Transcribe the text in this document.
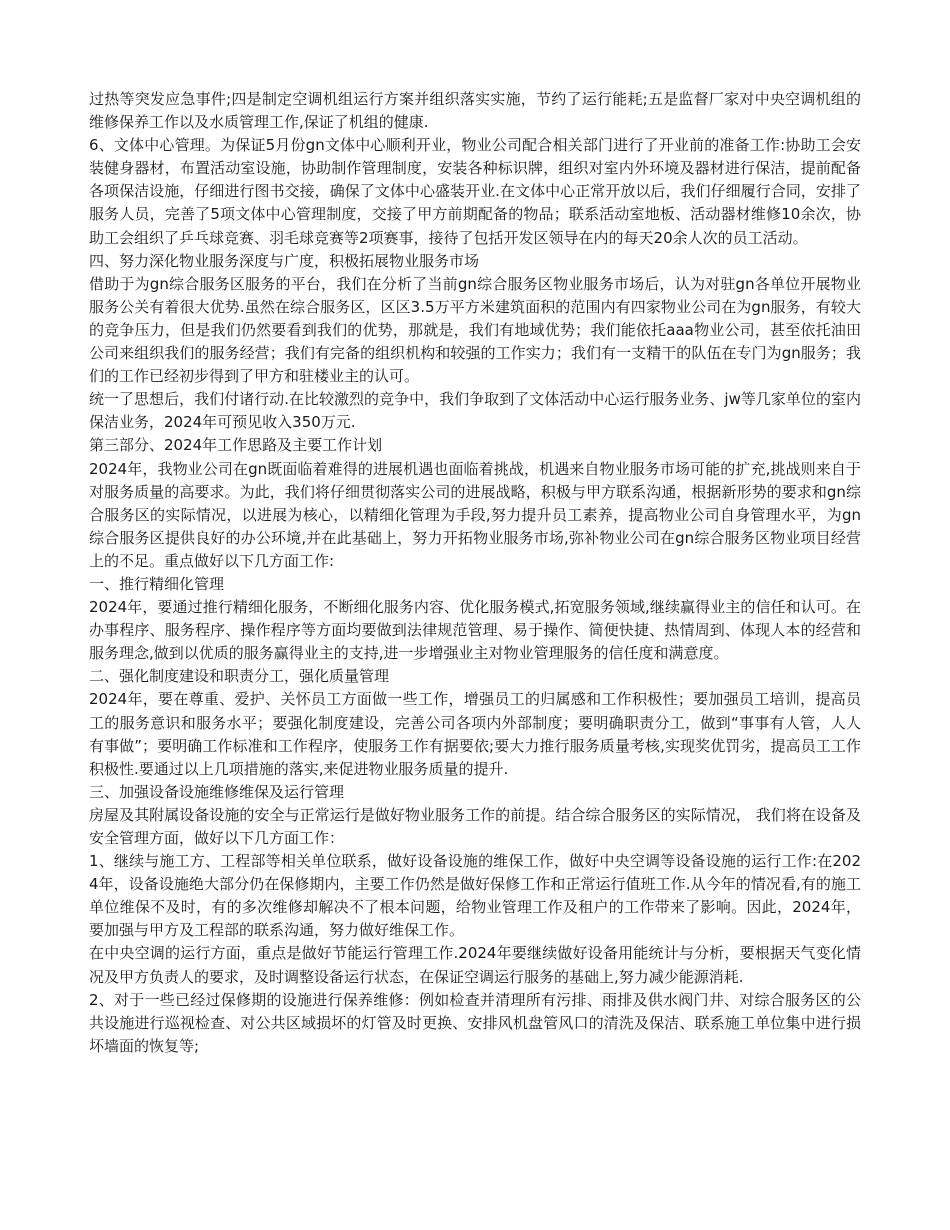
过热等突发应急事件;四是制定空调机组运行方案并组织落实实施，节约了运行能耗;五是监督厂家对中央空调机组的维修保养工作以及水质管理工作,保证了机组的健康.

6、文体中心管理。为保证5月份gn文体中心顺利开业，物业公司配合相关部门进行了开业前的准备工作:协助工会安装健身器材，布置活动室设施，协助制作管理制度，安装各种标识牌，组织对室内外环境及器材进行保洁，提前配备各项保洁设施，仔细进行图书交接，确保了文体中心盛装开业.在文体中心正常开放以后，我们仔细履行合同，安排了服务人员，完善了5项文体中心管理制度，交接了甲方前期配备的物品；联系活动室地板、活动器材维修10余次，协助工会组织了乒乓球竞赛、羽毛球竞赛等2项赛事，接待了包括开发区领导在内的每天20余人次的员工活动。

四、努力深化物业服务深度与广度，积极拓展物业服务市场

借助于为gn综合服务区服务的平台，我们在分析了当前gn综合服务区物业服务市场后，认为对驻gn各单位开展物业服务公关有着很大优势.虽然在综合服务区，区区3.5万平方米建筑面积的范围内有四家物业公司在为gn服务，有较大的竞争压力，但是我们仍然要看到我们的优势，那就是，我们有地域优势；我们能依托aaa物业公司，甚至依托油田公司来组织我们的服务经营；我们有完备的组织机构和较强的工作实力；我们有一支精干的队伍在专门为gn服务；我们的工作已经初步得到了甲方和驻楼业主的认可。

统一了思想后，我们付诸行动.在比较激烈的竞争中，我们争取到了文体活动中心运行服务业务、jw等几家单位的室内保洁业务，2024年可预见收入350万元.

第三部分、2024年工作思路及主要工作计划

2024年，我物业公司在gn既面临着难得的进展机遇也面临着挑战，机遇来自物业服务市场可能的扩充,挑战则来自于对服务质量的高要求。为此，我们将仔细贯彻落实公司的进展战略，积极与甲方联系沟通，根据新形势的要求和gn综合服务区的实际情况，以进展为核心，以精细化管理为手段,努力提升员工素养，提高物业公司自身管理水平，为gn综合服务区提供良好的办公环境,并在此基础上，努力开拓物业服务市场,弥补物业公司在gn综合服务区物业项目经营上的不足。重点做好以下几方面工作:

一、推行精细化管理

2024年，要通过推行精细化服务，不断细化服务内容、优化服务模式,拓宽服务领域,继续赢得业主的信任和认可。在办事程序、服务程序、操作程序等方面均要做到法律规范管理、易于操作、简便快捷、热情周到、体现人本的经营和服务理念,做到以优质的服务赢得业主的支持,进一步增强业主对物业管理服务的信任度和满意度。

二、强化制度建设和职责分工，强化质量管理

2024年，要在尊重、爱护、关怀员工方面做一些工作，增强员工的归属感和工作积极性；要加强员工培训，提高员工的服务意识和服务水平；要强化制度建设，完善公司各项内外部制度；要明确职责分工，做到“事事有人管，人人有事做”；要明确工作标准和工作程序，使服务工作有据要依;要大力推行服务质量考核,实现奖优罚劣，提高员工工作积极性.要通过以上几项措施的落实,来促进物业服务质量的提升.

三、加强设备设施维修维保及运行管理

房屋及其附属设备设施的安全与正常运行是做好物业服务工作的前提。结合综合服务区的实际情况， 我们将在设备及安全管理方面，做好以下几方面工作：

1、继续与施工方、工程部等相关单位联系，做好设备设施的维保工作，做好中央空调等设备设施的运行工作:在2024年，设备设施绝大部分仍在保修期内，主要工作仍然是做好保修工作和正常运行值班工作.从今年的情况看,有的施工单位维保不及时，有的多次维修却解决不了根本问题，给物业管理工作及租户的工作带来了影响。因此，2024年，要加强与甲方及工程部的联系沟通，努力做好维保工作。

在中央空调的运行方面，重点是做好节能运行管理工作.2024年要继续做好设备用能统计与分析，要根据天气变化情况及甲方负责人的要求，及时调整设备运行状态，在保证空调运行服务的基础上,努力减少能源消耗.

2、对于一些已经过保修期的设施进行保养维修：例如检查并清理所有污排、雨排及供水阀门井、对综合服务区的公共设施进行巡视检查、对公共区域损坏的灯管及时更换、安排风机盘管风口的清洗及保洁、联系施工单位集中进行损坏墙面的恢复等;
